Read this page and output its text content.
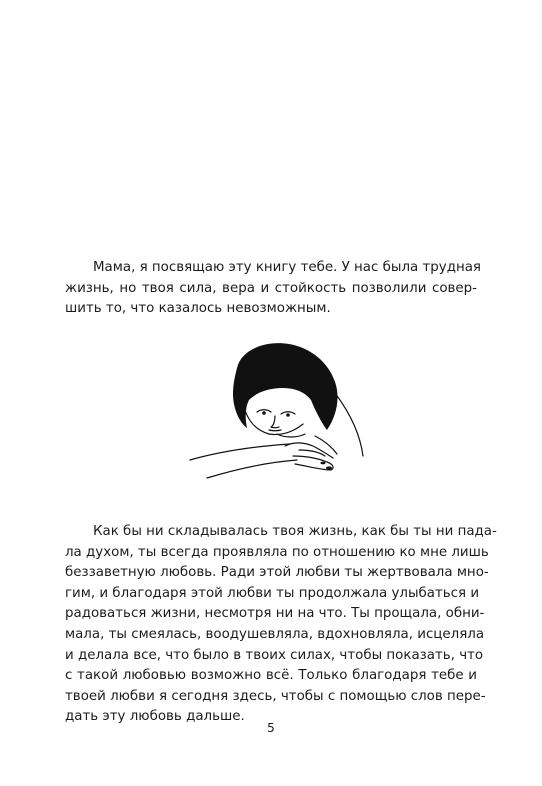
Мама, я посвящаю эту книгу тебе. У нас была трудная
жизнь, но твоя сила, вера и стойкость позволили совер-
шить то, что казалось невозможным.

Как бы ни складывалась твоя жизнь, как бы ты ни пада-
ла духом, ты всегда проявляла по отношению ко мне лишь
беззаветную любовь. Ради этой любви ты жертвовала мно-
гим, и благодаря этой любви ты продолжала улыбаться и
радоваться жизни, несмотря ни на что. Ты прощала, обни-
мала, ты смеялась, воодушевляла, вдохновляла, исцеляла
и делала все, что было в твоих силах, чтобы показать, что
с такой любовью возможно всё. Только благодаря тебе и
твоей любви я сегодня здесь, чтобы с помощью слов пере-
дать эту любовь дальше.

5
